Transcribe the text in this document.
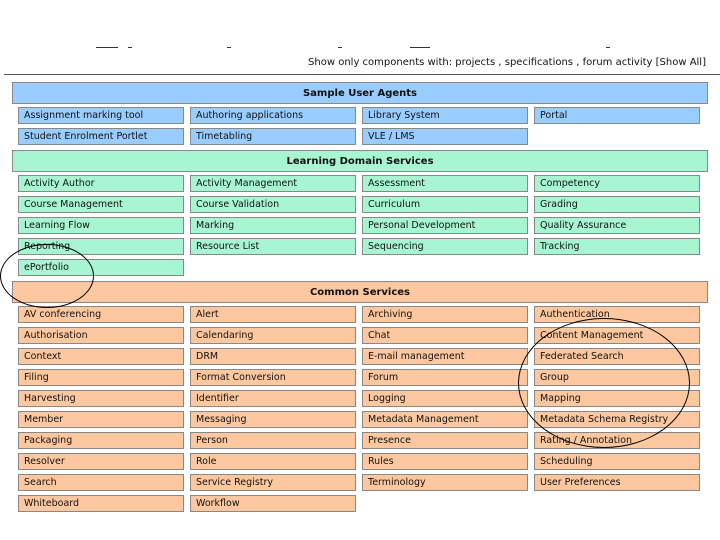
Show only components with: projects , specifications , forum activity [Show All]
Sample User Agents
Assignment marking tool	Authoring applications	Library System	Portal
Student Enrolment Portlet	Timetabling	VLE / LMS
Learning Domain Services
Activity Author	Activity Management	Assessment	Competency
Course Management	Course Validation	Curriculum	Grading
Learning Flow	Marking	Personal Development	Quality Assurance
Reporting	Resource List	Sequencing	Tracking
ePortfolio
Common Services
AV conferencing	Alert	Archiving	Authentication
Authorisation	Calendaring	Chat	Content Management
Context	DRM	E-mail management	Federated Search
Filing	Format Conversion	Forum	Group
Harvesting	Identifier	Logging	Mapping
Member	Messaging	Metadata Management	Metadata Schema Registry
Packaging	Person	Presence	Rating / Annotation
Resolver	Role	Rules	Scheduling
Search	Service Registry	Terminology	User Preferences
Whiteboard	Workflow
